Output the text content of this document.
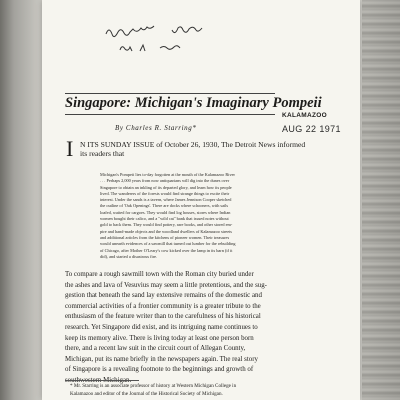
Singapore: Michigan's Imaginary Pompeii
KALAMAZOO
AUG 22 1971
By Charles R. Starring*
I N ITS SUNDAY ISSUE of October 26, 1930, The Detroit News informed
its readers that
Michigan's Pompeii lies to-day forgotten at the mouth of the Kalamazoo River
. . . Perhaps 2,000 years from now antiquarians will dig into the dunes over
Singapore to obtain an inkling of its departed glory, and learn how its people
lived. The wanderers of the forests would find strange things to excite their
interest. Under the sands is a tavern, where James Jennison Cooper sketched
the outline of 'Oak Openings'. There are docks where schooners, with sails
loafed, waited for cargoes. They would find log houses, stores where Indian
women bought their calico, and a "wild cat" bank that issued notes without
gold to back them. They would find pottery, rare books, and other stored em-
pire and hand-made objects and the woodland dwellers of Kalamazoo streets
and additional articles from the kitchens of pioneer women. Their treasures
would unearth evidences of a sawmill that turned out lumber for the rebuilding
of Chicago, after Mother O'Leary's cow kicked over the lamp in its barn (if it
did), and started a disastrous fire.
To compare a rough sawmill town with the Roman city buried under
the ashes and lava of Vesuvius may seem a little pretentious, and the sug-
gestion that beneath the sand lay extensive remains of the domestic and
commercial activities of a frontier community is a greater tribute to the
enthusiasm of the feature writer than to the carefulness of his historical
research. Yet Singapore did exist, and its intriguing name continues to
keep its memory alive. There is living today at least one person born
there, and a recent law suit in the circuit court of Allegan County,
Michigan, put its name briefly in the newspapers again. The real story
of Singapore is a revealing footnote to the beginnings and growth of
southwestern Michigan.
* Mr. Starring is an associate professor of history at Western Michigan College in
Kalamazoo and editor of the Journal of the Historical Society of Michigan.
